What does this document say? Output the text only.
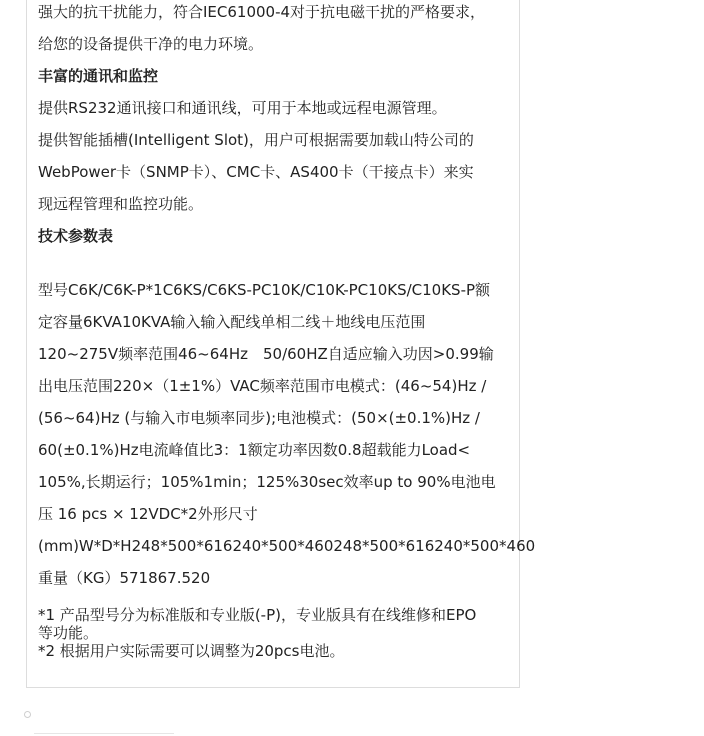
强大的抗干扰能力，符合IEC61000-4对于抗电磁干扰的严格要求，

给您的设备提供干净的电力环境。

丰富的通讯和监控

提供RS232通讯接口和通讯线，可用于本地或远程电源管理。

提供智能插槽(Intelligent Slot)，用户可根据需要加载山特公司的

WebPower卡（SNMP卡）、CMC卡、AS400卡（干接点卡）来实

现远程管理和监控功能。

技术参数表

型号C6K/C6K-P*1C6KS/C6KS-PC10K/C10K-PC10KS/C10KS-P额

定容量6KVA10KVA输入输入配线单相二线＋地线电压范围

120~275V频率范围46~64Hz　50/60HZ自适应输入功因>0.99输

出电压范围220×（1±1%）VAC频率范围市电模式：(46~54)Hz /

(56~64)Hz (与输入市电频率同步);电池模式：(50×(±0.1%)Hz /

60(±0.1%)Hz电流峰值比3：1额定功率因数0.8超载能力Load<

105%,长期运行；105%1min；125%30sec效率up to 90%电池电

压 16 pcs × 12VDC*2外形尺寸

(mm)W*D*H248*500*616240*500*460248*500*616240*500*460

重量（KG）571867.520

*1 产品型号分为标准版和专业版(-P)，专业版具有在线维修和EPO

等功能。

*2 根据用户实际需要可以调整为20pcs电池。
